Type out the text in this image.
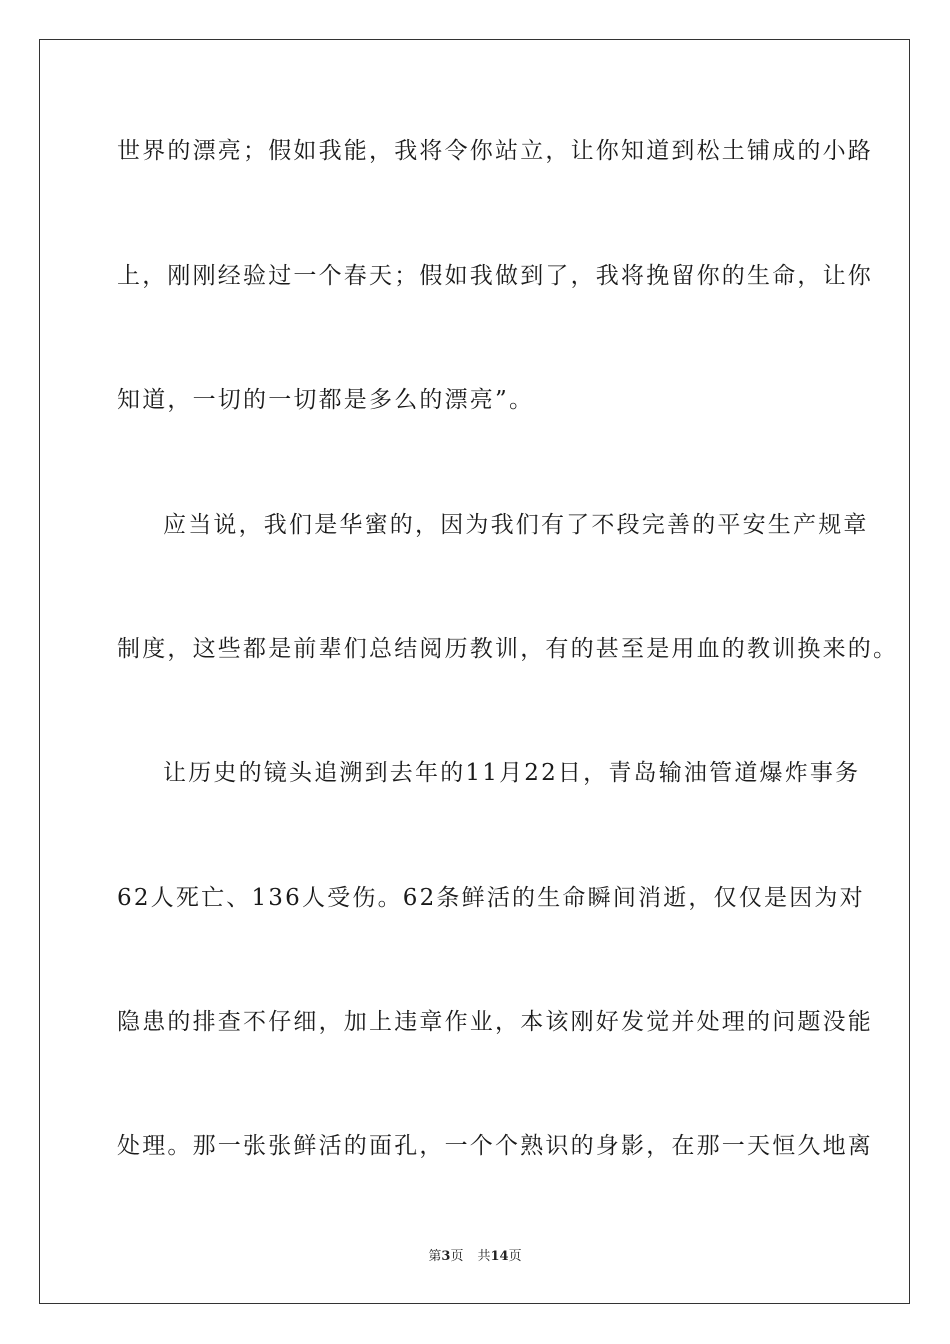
世界的漂亮；假如我能，我将令你站立，让你知道到松土铺成的小路

上，刚刚经验过一个春天；假如我做到了，我将挽留你的生命，让你

知道，一切的一切都是多么的漂亮”。

应当说，我们是华蜜的，因为我们有了不段完善的平安生产规章

制度，这些都是前辈们总结阅历教训，有的甚至是用血的教训换来的。

让历史的镜头追溯到去年的11月22日，青岛输油管道爆炸事务

62人死亡、136人受伤。62条鲜活的生命瞬间消逝，仅仅是因为对

隐患的排查不仔细，加上违章作业，本该刚好发觉并处理的问题没能

处理。那一张张鲜活的面孔，一个个熟识的身影，在那一天恒久地离

第3页 共14页
